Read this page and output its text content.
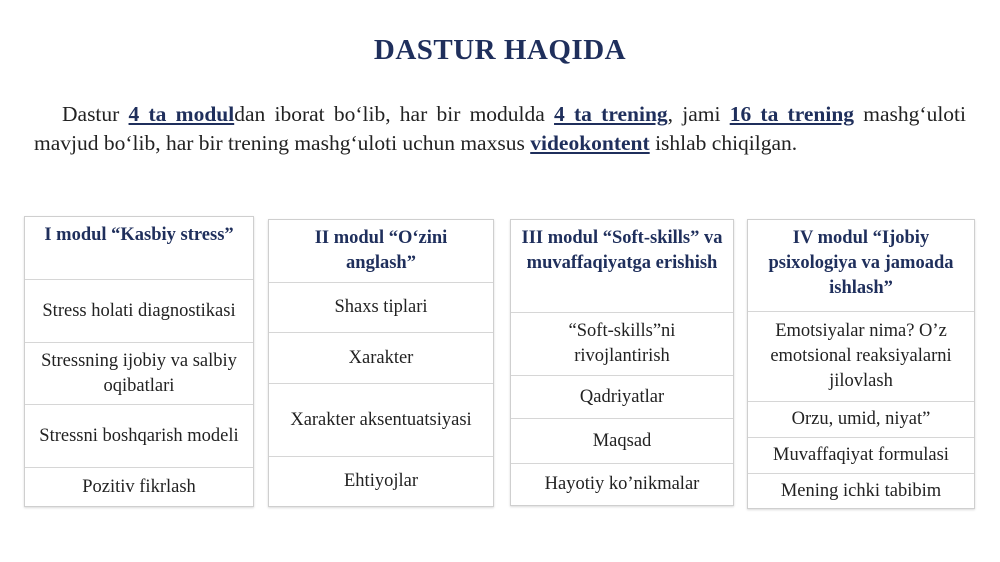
DASTUR HAQIDA
Dastur 4 ta moduldan iborat bo‘lib, har bir modulda 4 ta trening, jami 16 ta trening mashg‘uloti mavjud bo‘lib, har bir trening mashg‘uloti uchun maxsus videokontent ishlab chiqilgan.
I modul “Kasbiy stress”
Stress holati diagnostikasi
Stressning ijobiy va salbiy oqibatlari
Stressni boshqarish modeli
Pozitiv fikrlash
II modul “O‘zini anglash”
Shaxs tiplari
Xarakter
Xarakter aksentuatsiyasi
Ehtiyojlar
III modul “Soft-skills” va muvaffaqiyatga erishish
“Soft-skills”ni rivojlantirish
Qadriyatlar
Maqsad
Hayotiy ko’nikmalar
IV modul “Ijobiy psixologiya va jamoada ishlash”
Emotsiyalar nima? O’z emotsional reaksiyalarni jilovlash
Orzu, umid, niyat”
Muvaffaqiyat formulasi
Mening ichki tabibim
